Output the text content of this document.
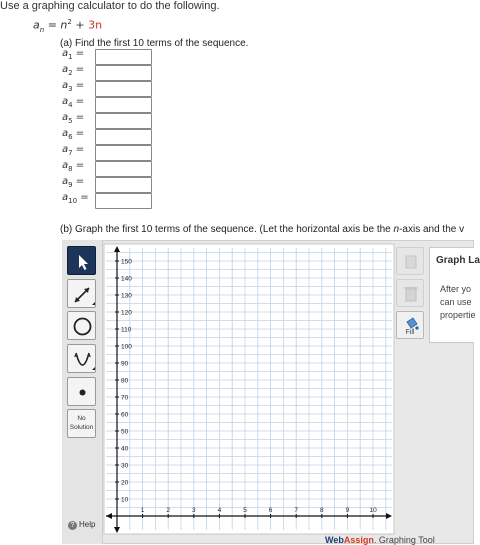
Use a graphing calculator to do the following.
$a_n = n^2 + 3n$
(a) Find the first 10 terms of the sequence.
$a_1$ =
$a_2$ =
$a_3$ =
$a_4$ =
$a_5$ =
$a_6$ =
$a_7$ =
$a_8$ =
$a_9$ =
$a_{10}$ =
(b) Graph the first 10 terms of the sequence. (Let the horizontal axis be the n-axis and the v
No
Solution
? Help
10
20
30
40
50
60
70
80
90
100
110
120
130
140
150
1	2	3	4	5	6	7	8	9	10
Fill
Graph La
After yo
can use
propertie
WebAssign. Graphing Tool
